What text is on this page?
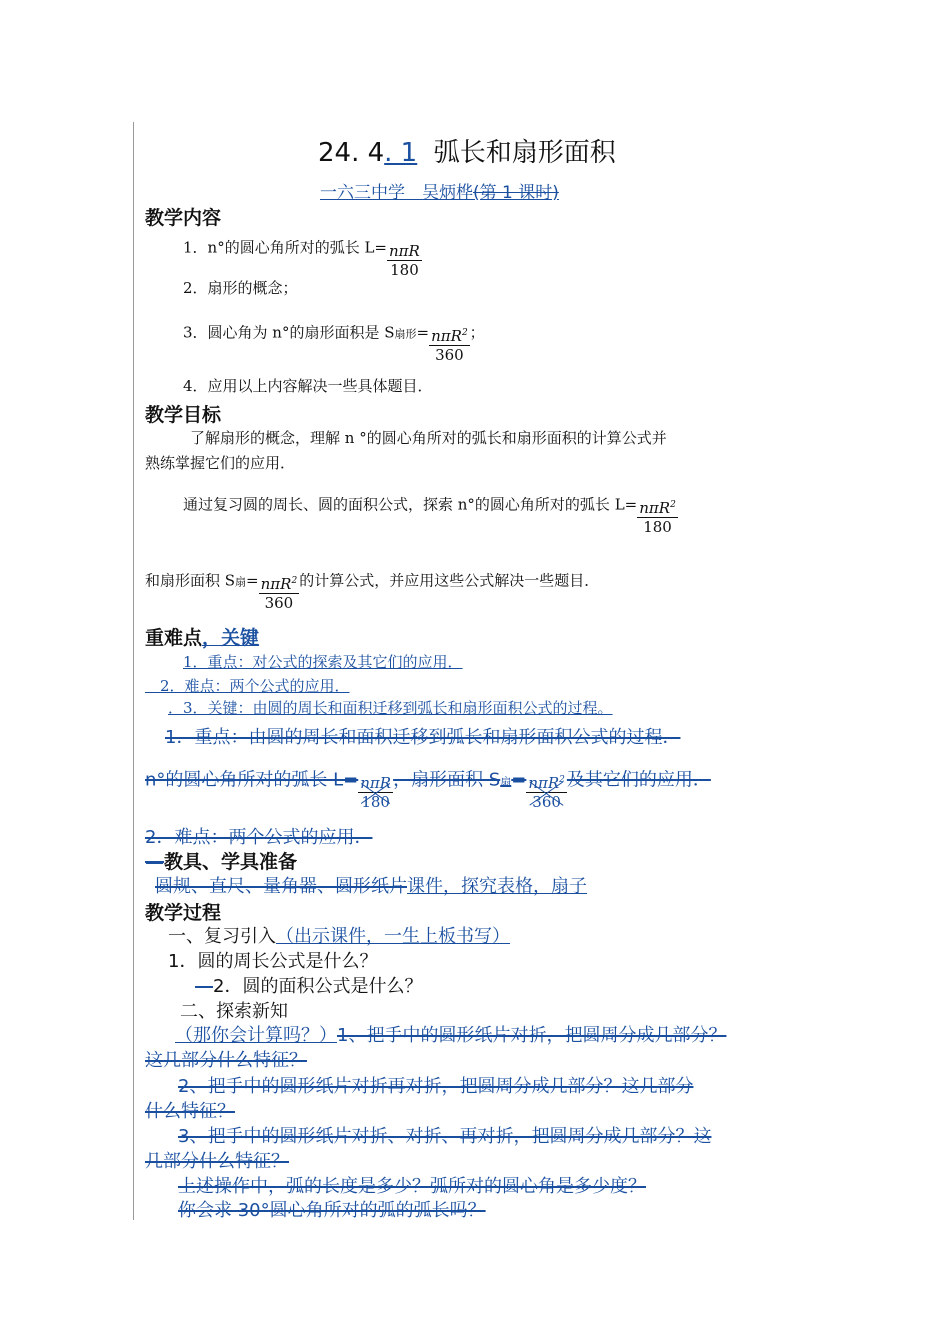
24. 4. 1 弧长和扇形面积
一六三中学　吴炳桦(第 1 课时)
教学内容
1．n°的圆心角所对的弧长 $L= \frac{\text{nπR}}{180}$
2．扇形的概念；
3．圆心角为 n°的扇形面积是 S扇形= $\frac{n\pi R^2}{360}$ ；
4．应用以上内容解决一些具体题目．
教学目标
了解扇形的概念，理解 n °的圆心角所对的弧长和扇形面积的计算公式并
熟练掌握它们的应用．
通过复习圆的周长、圆的面积公式，探索 n°的圆心角所对的弧长 $L= \frac{n\pi R^2}{180}$
和扇形面积 S扇= $\frac{n\pi R^2}{360}$ 的计算公式，并应用这些公式解决一些题目．
重难点，关键
1．重点：对公式的探索及其它们的应用．
　2．难点：两个公式的应用．
．3．关键：由圆的周长和面积迁移到弧长和扇形面积公式的过程。
1．重点：由圆的周长和面积迁移到弧长和扇形面积公式的过程．
n°的圆心角所对的弧长 $L= \frac{\text{nπR}}{180}$ ，扇形面积 S扇= $\frac{n\pi R^2}{360}$ 及其它们的应用．
2．难点：两个公式的应用．
—教具、学具准备
圆规、直尺、量角器、圆形纸片课件，探究表格，扇子
教学过程
一、复习引入（出示课件，一生上板书写）
1．圆的周长公式是什么？
—2．圆的面积公式是什么？
二、探索新知
（那你会计算吗？）1、把手中的圆形纸片对折，把圆周分成几部分？
这几部分什么特征？
2、把手中的圆形纸片对折再对折，把圆周分成几部分？这几部分
什么特征？
3、把手中的圆形纸片对折、对折、再对折，把圆周分成几部分？这
几部分什么特征？
上述操作中，弧的长度是多少？弧所对的圆心角是多少度？
你会求 30°圆心角所对的弧的弧长吗？
